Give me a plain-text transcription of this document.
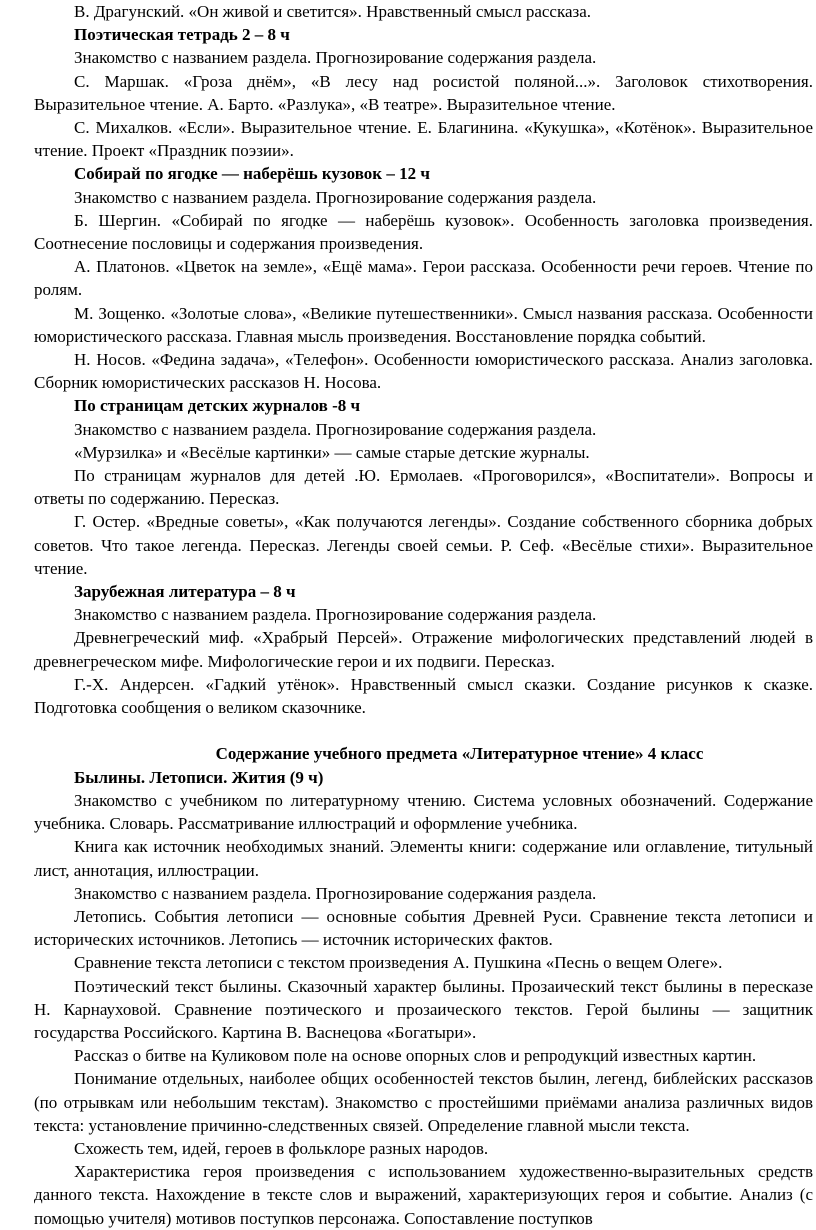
В. Драгунский. «Он живой и светится». Нравственный смысл рассказа.

Поэтическая тетрадь 2 – 8 ч

Знакомство с названием раздела. Прогнозирование содержания раздела.

С. Маршак. «Гроза днём», «В лесу над росистой поляной...». Заголовок стихотворения. Выразительное чтение. А. Барто. «Разлука», «В театре». Выразительное чтение.

С. Михалков. «Если». Выразительное чтение. Е. Благинина. «Кукушка», «Котёнок». Выразительное чтение. Проект «Праздник поэзии».

Собирай по ягодке — наберёшь кузовок – 12 ч

Знакомство с названием раздела. Прогнозирование содержания раздела.

Б. Шергин. «Собирай по ягодке — наберёшь кузовок». Особенность заголовка произведения. Соотнесение пословицы и содержания произведения.

А. Платонов. «Цветок на земле», «Ещё мама». Герои рассказа. Особенности речи героев. Чтение по ролям.

М. Зощенко. «Золотые слова», «Великие путешественники». Смысл названия рассказа. Особенности юмористического рассказа. Главная мысль произведения. Восстановление порядка событий.

Н. Носов. «Федина задача», «Телефон». Особенности юмористического рассказа. Анализ заголовка. Сборник юмористических рассказов Н. Носова.

По страницам детских журналов -8 ч

Знакомство с названием раздела. Прогнозирование содержания раздела.

«Мурзилка» и «Весёлые картинки» — самые старые детские журналы.

По страницам журналов для детей .Ю. Ермолаев. «Проговорился», «Воспитатели». Вопросы и ответы по содержанию. Пересказ.

Г. Остер. «Вредные советы», «Как получаются легенды». Создание собственного сборника добрых советов. Что такое легенда. Пересказ. Легенды своей семьи. Р. Сеф. «Весёлые стихи». Выразительное чтение.

Зарубежная литература – 8 ч

Знакомство с названием раздела. Прогнозирование содержания раздела.

Древнегреческий миф. «Храбрый Персей». Отражение мифологических представлений людей в древнегреческом мифе. Мифологические герои и их подвиги. Пересказ.

Г.-Х. Андерсен. «Гадкий утёнок». Нравственный смысл сказки. Создание рисунков к сказке. Подготовка сообщения о великом сказочнике.

Содержание учебного предмета «Литературное чтение» 4 класс

Былины. Летописи. Жития (9 ч)

Знакомство с учебником по литературному чтению. Система условных обозначений. Содержание учебника. Словарь. Рассматривание иллюстраций и оформление учебника.

Книга как источник необходимых знаний. Элементы книги: содержание или оглавление, титульный лист, аннотация, иллюстрации.

Знакомство с названием раздела. Прогнозирование содержания раздела.

Летопись. События летописи — основные события Древней Руси. Сравнение текста летописи и исторических источников. Летопись — источник исторических фактов.

Сравнение текста летописи с текстом произведения А. Пушкина «Песнь о вещем Олеге».

Поэтический текст былины. Сказочный характер былины. Прозаический текст былины в пересказе Н. Карнауховой. Сравнение поэтического и прозаического текстов. Герой былины — защитник государства Российского. Картина В. Васнецова «Богатыри».

Рассказ о битве на Куликовом поле на основе опорных слов и репродукций известных картин.

Понимание отдельных, наиболее общих особенностей текстов былин, легенд, библейских рассказов (по отрывкам или небольшим текстам). Знакомство с простейшими приёмами анализа различных видов текста: установление причинно-следственных связей. Определение главной мысли текста.

Схожесть тем, идей, героев в фольклоре разных народов.

Характеристика героя произведения с использованием художественно-выразительных средств данного текста. Нахождение в тексте слов и выражений, характеризующих героя и событие. Анализ (с помощью учителя) мотивов поступков персонажа. Сопоставление поступков
